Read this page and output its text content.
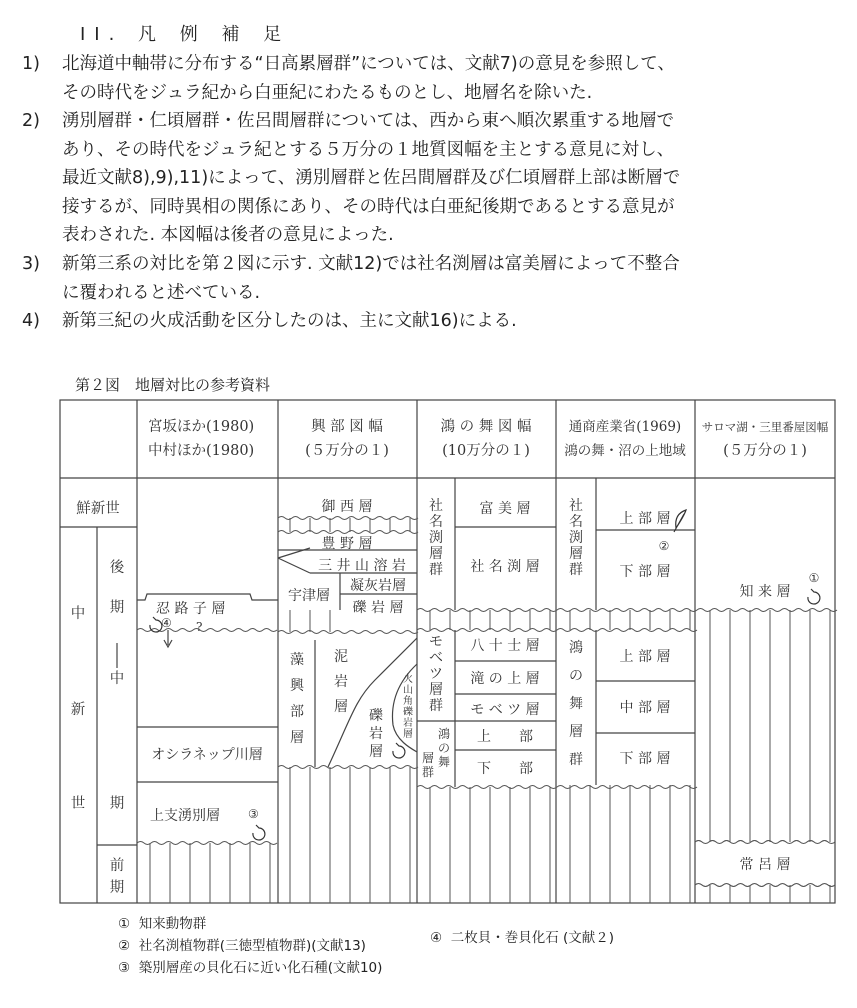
II. 凡 例 補 足
1) 北海道中軸帯に分布する“日高累層群”については、文献7)の意見を参照して、
その時代をジュラ紀から白亜紀にわたるものとし、地層名を除いた.
2) 湧別層群・仁頃層群・佐呂間層群については、西から東へ順次累重する地層で
あり、その時代をジュラ紀とする５万分の１地質図幅を主とする意見に対し、
最近文献8),9),11)によって、湧別層群と佐呂間層群及び仁頃層群上部は断層で
接するが、同時異相の関係にあり、その時代は白亜紀後期であるとする意見が
表わされた. 本図幅は後者の意見によった.
3) 新第三系の対比を第２図に示す. 文献12)では社名渕層は富美層によって不整合
に覆われると述べている.
4) 新第三紀の火成活動を区分したのは、主に文献16)による.
第２図　地層対比の参考資料
宮坂ほか(1980)
中村ほか(1980)
興 部 図 幅
(５万分の１)
鴻 の 舞 図 幅
(10万分の１)
通商産業省(1969)
鴻の舞・沼の上地域
サロマ湖・三里番屋図幅
(５万分の１)
鮮新世
中
新
世
後
期
中
期
前
期
忍 路 子 層
④ ?
オシラネップ川層
上支湧別層 ③
御 西 層
豊 野 層
三 井 山 溶 岩
宇津層
凝灰岩層
礫 岩 層
藻
興
部
層
泥
岩
層
礫
岩
層
火
山
角
礫
岩
層
社
名
渕
層
群
富 美 層
社 名 渕 層
モ
ベ
ツ
層
群
八 十 士 層
滝 の 上 層
モ ベ ツ 層
上　　部
下　　部
鴻
の
舞
層
群
社
名
渕
層
群
上 部 層
②
下 部 層
鴻
の
舞
層
群
上 部 層
中 部 層
下 部 層
知 来 層
①
常 呂 層
① 知来動物群
② 社名渕植物群(三徳型植物群)(文献13)
③ 築別層産の貝化石に近い化石種(文献10)
④ 二枚貝・巻貝化石 (文献２)
